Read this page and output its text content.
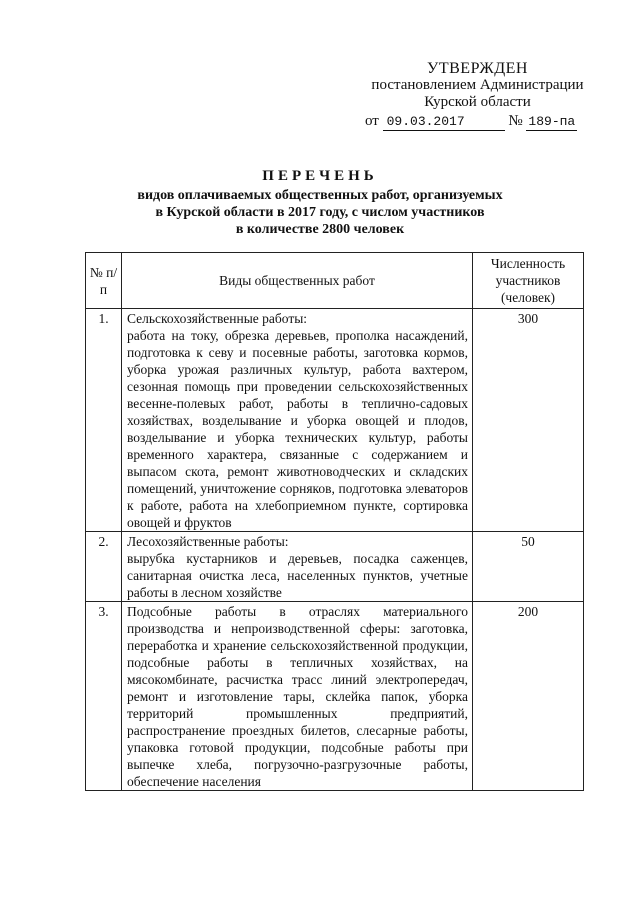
УТВЕРЖДЕН
постановлением Администрации
Курской области
от 09.03.2017	№ 189-па
ПЕРЕЧЕНЬ
видов оплачиваемых общественных работ, организуемых
в Курской области в 2017 году, с числом участников
в количестве 2800 человек
№ п/п	Виды общественных работ	Численность участников (человек)
1.	Сельскохозяйственные работы:
работа на току, обрезка деревьев, прополка насаждений, подготовка к севу и посевные работы, заготовка кормов, уборка урожая различных культур, работа вахтером, сезонная помощь при проведении сельскохозяйственных весенне-полевых работ, работы в теплично-садовых хозяйствах, возделывание и уборка овощей и плодов, возделывание и уборка технических культур, работы временного характера, связанные с содержанием и выпасом скота, ремонт животноводческих и складских помещений, уничтожение сорняков, подготовка элеваторов к работе, работа на хлебоприемном пункте, сортировка овощей и фруктов	300
2.	Лесохозяйственные работы:
вырубка кустарников и деревьев, посадка саженцев, санитарная очистка леса, населенных пунктов, учетные работы в лесном хозяйстве	50
3.	Подсобные работы в отраслях материального производства и непроизводственной сферы: заготовка, переработка и хранение сельскохозяйственной продукции, подсобные работы в тепличных хозяйствах, на мясокомбинате, расчистка трасс линий электропередач, ремонт и изготовление тары, склейка папок, уборка территорий промышленных предприятий, распространение проездных билетов, слесарные работы, упаковка готовой продукции, подсобные работы при выпечке хлеба, погрузочно-разгрузочные работы, обеспечение населения	200
